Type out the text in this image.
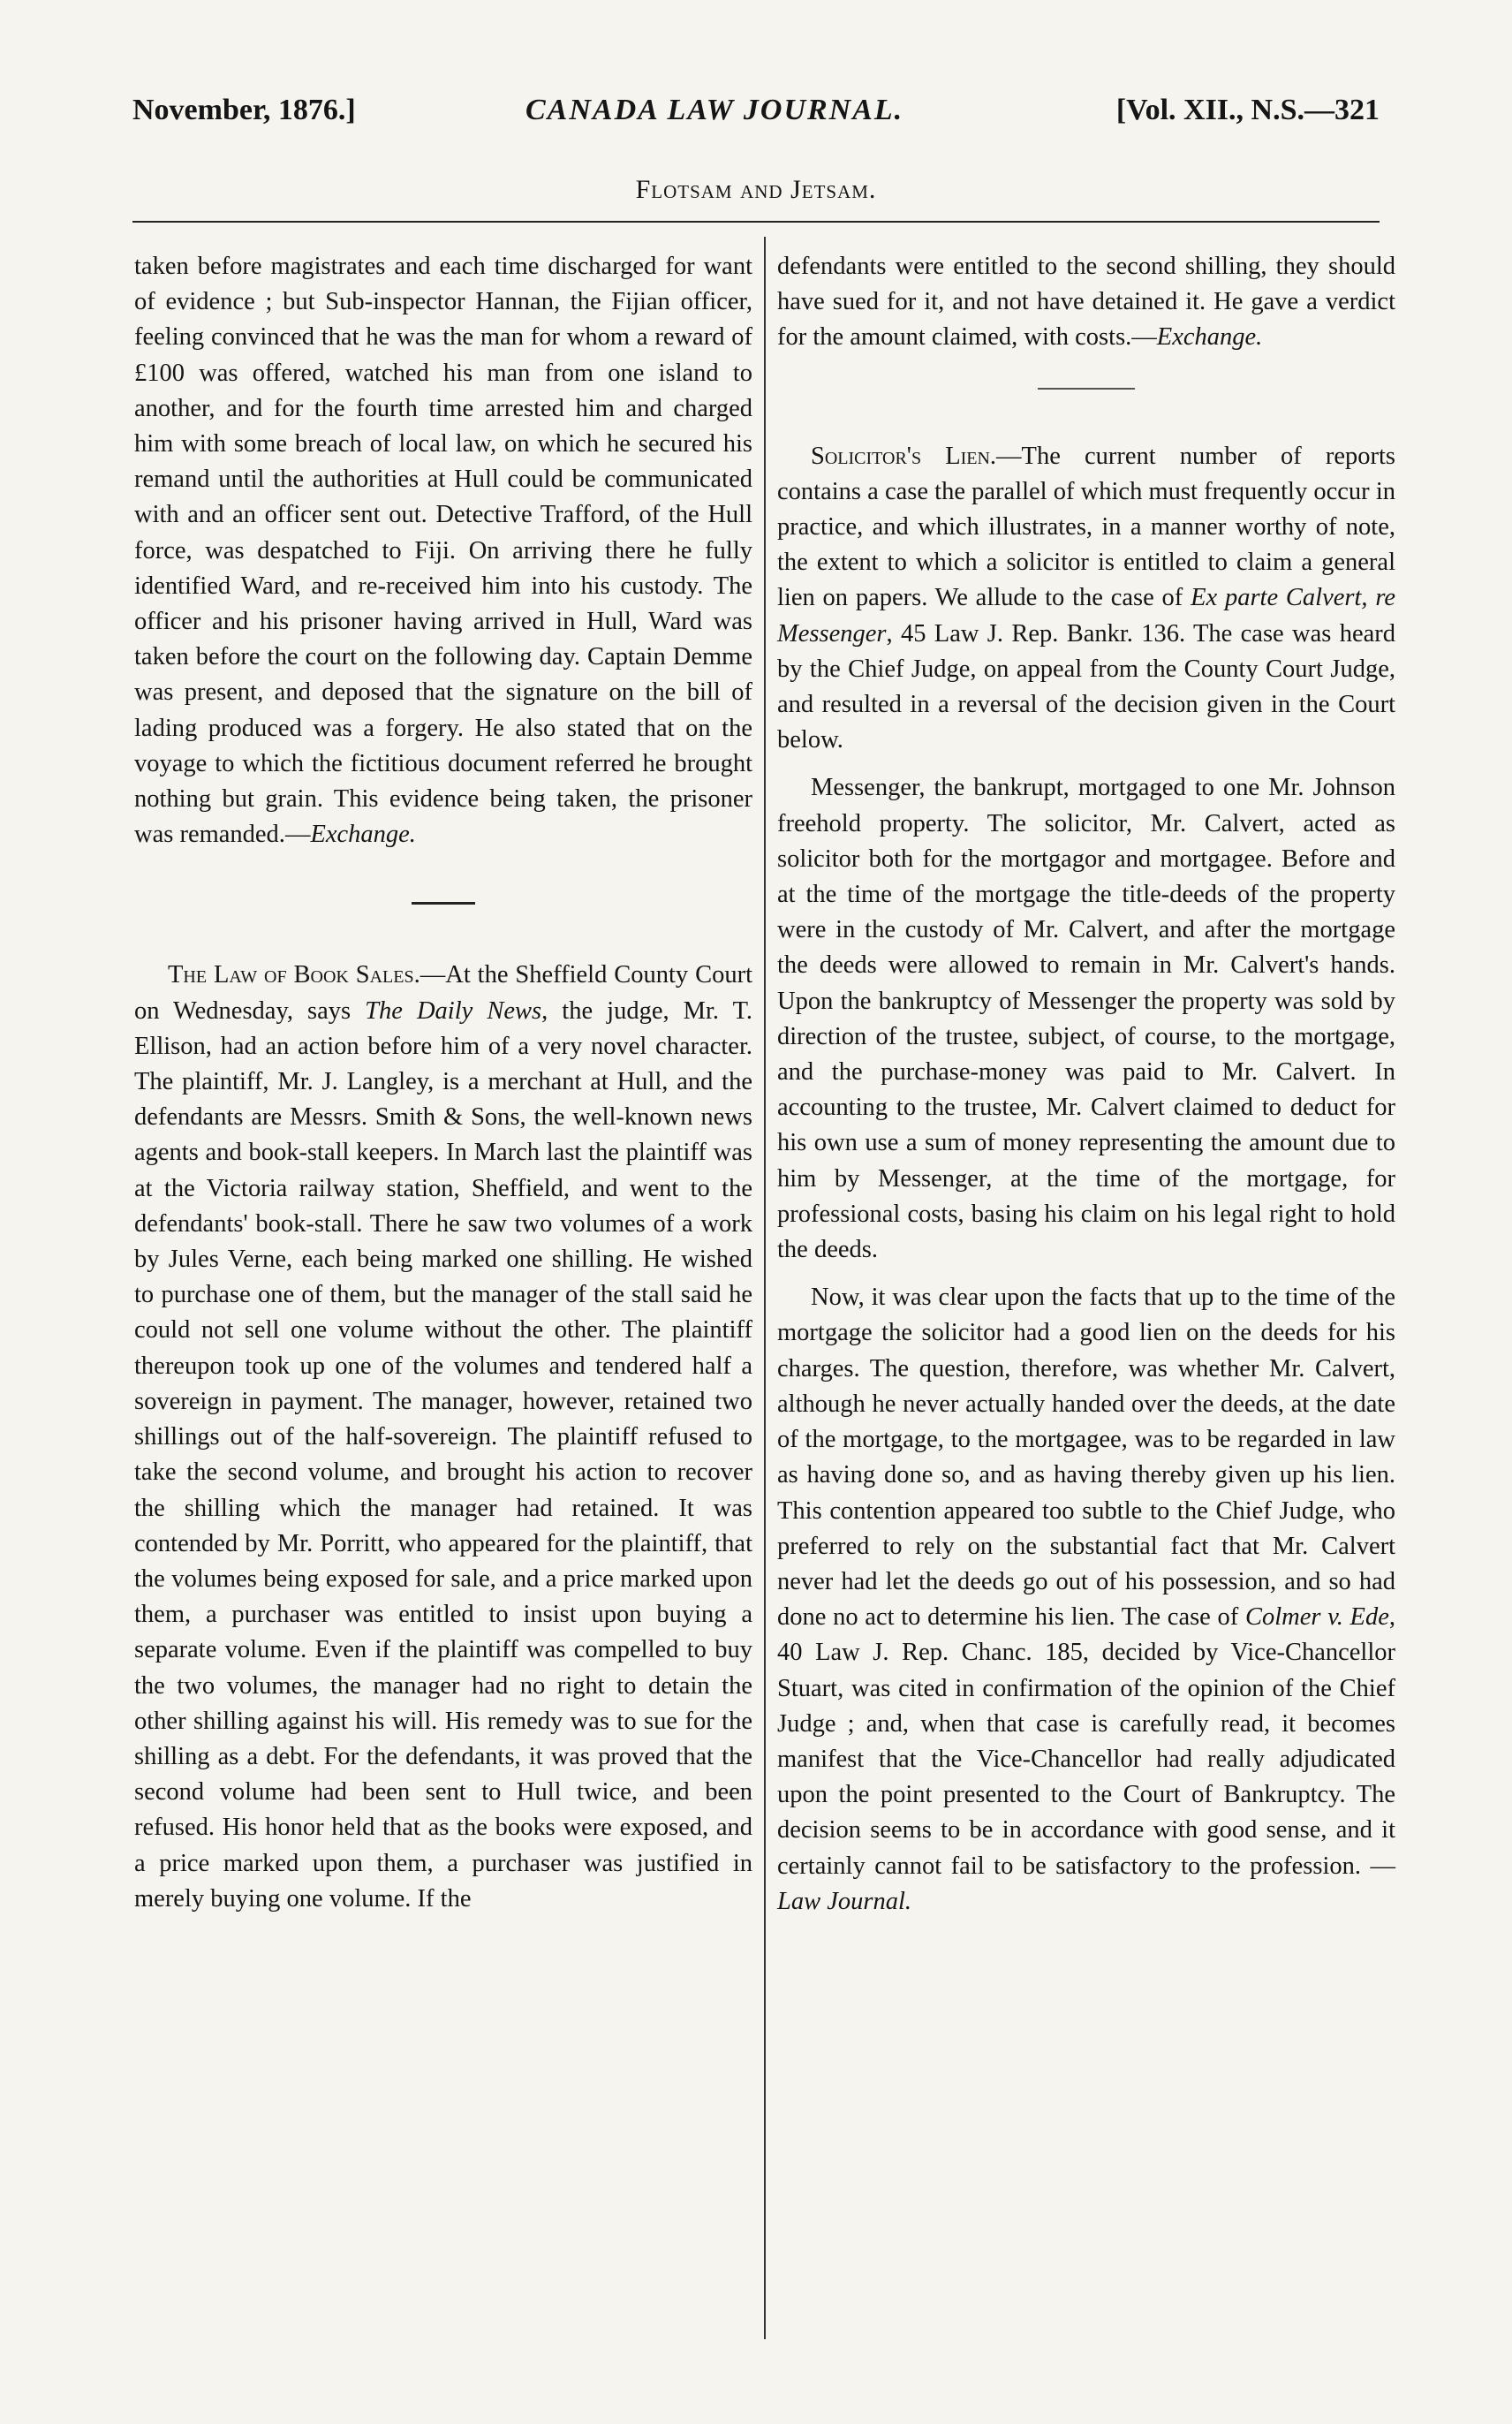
November, 1876.]	CANADA LAW JOURNAL.	[Vol. XII., N.S.—321
Flotsam and Jetsam.

taken before magistrates and each time discharged for want of evidence ; but Sub-inspector Hannan, the Fijian officer, feeling convinced that he was the man for whom a reward of £100 was offered, watched his man from one island to another, and for the fourth time arrested him and charged him with some breach of local law, on which he secured his remand until the authorities at Hull could be communicated with and an officer sent out. Detective Trafford, of the Hull force, was despatched to Fiji. On arriving there he fully identified Ward, and re-received him into his custody. The officer and his prisoner having arrived in Hull, Ward was taken before the court on the following day. Captain Demme was present, and deposed that the signature on the bill of lading produced was a forgery. He also stated that on the voyage to which the fictitious document referred he brought nothing but grain. This evidence being taken, the prisoner was remanded.—Exchange.

The Law of Book Sales.—At the Sheffield County Court on Wednesday, says The Daily News, the judge, Mr. T. Ellison, had an action before him of a very novel character. The plaintiff, Mr. J. Langley, is a merchant at Hull, and the defendants are Messrs. Smith & Sons, the well-known news agents and book-stall keepers. In March last the plaintiff was at the Victoria railway station, Sheffield, and went to the defendants' book-stall. There he saw two volumes of a work by Jules Verne, each being marked one shilling. He wished to purchase one of them, but the manager of the stall said he could not sell one volume without the other. The plaintiff thereupon took up one of the volumes and tendered half a sovereign in payment. The manager, however, retained two shillings out of the half-sovereign. The plaintiff refused to take the second volume, and brought his action to recover the shilling which the manager had retained. It was contended by Mr. Porritt, who appeared for the plaintiff, that the volumes being exposed for sale, and a price marked upon them, a purchaser was entitled to insist upon buying a separate volume. Even if the plaintiff was compelled to buy the two volumes, the manager had no right to detain the other shilling against his will. His remedy was to sue for the shilling as a debt. For the defendants, it was proved that the second volume had been sent to Hull twice, and been refused. His honor held that as the books were exposed, and a price marked upon them, a purchaser was justified in merely buying one volume. If the

defendants were entitled to the second shilling, they should have sued for it, and not have detained it. He gave a verdict for the amount claimed, with costs.—Exchange.

Solicitor's Lien.—The current number of reports contains a case the parallel of which must frequently occur in practice, and which illustrates, in a manner worthy of note, the extent to which a solicitor is entitled to claim a general lien on papers. We allude to the case of Ex parte Calvert, re Messenger, 45 Law J. Rep. Bankr. 136. The case was heard by the Chief Judge, on appeal from the County Court Judge, and resulted in a reversal of the decision given in the Court below.

Messenger, the bankrupt, mortgaged to one Mr. Johnson freehold property. The solicitor, Mr. Calvert, acted as solicitor both for the mortgagor and mortgagee. Before and at the time of the mortgage the title-deeds of the property were in the custody of Mr. Calvert, and after the mortgage the deeds were allowed to remain in Mr. Calvert's hands. Upon the bankruptcy of Messenger the property was sold by direction of the trustee, subject, of course, to the mortgage, and the purchase-money was paid to Mr. Calvert. In accounting to the trustee, Mr. Calvert claimed to deduct for his own use a sum of money representing the amount due to him by Messenger, at the time of the mortgage, for professional costs, basing his claim on his legal right to hold the deeds.

Now, it was clear upon the facts that up to the time of the mortgage the solicitor had a good lien on the deeds for his charges. The question, therefore, was whether Mr. Calvert, although he never actually handed over the deeds, at the date of the mortgage, to the mortgagee, was to be regarded in law as having done so, and as having thereby given up his lien. This contention appeared too subtle to the Chief Judge, who preferred to rely on the substantial fact that Mr. Calvert never had let the deeds go out of his possession, and so had done no act to determine his lien. The case of Colmer v. Ede, 40 Law J. Rep. Chanc. 185, decided by Vice-Chancellor Stuart, was cited in confirmation of the opinion of the Chief Judge ; and, when that case is carefully read, it becomes manifest that the Vice-Chancellor had really adjudicated upon the point presented to the Court of Bankruptcy. The decision seems to be in accordance with good sense, and it certainly cannot fail to be satisfactory to the profession. —Law Journal.
